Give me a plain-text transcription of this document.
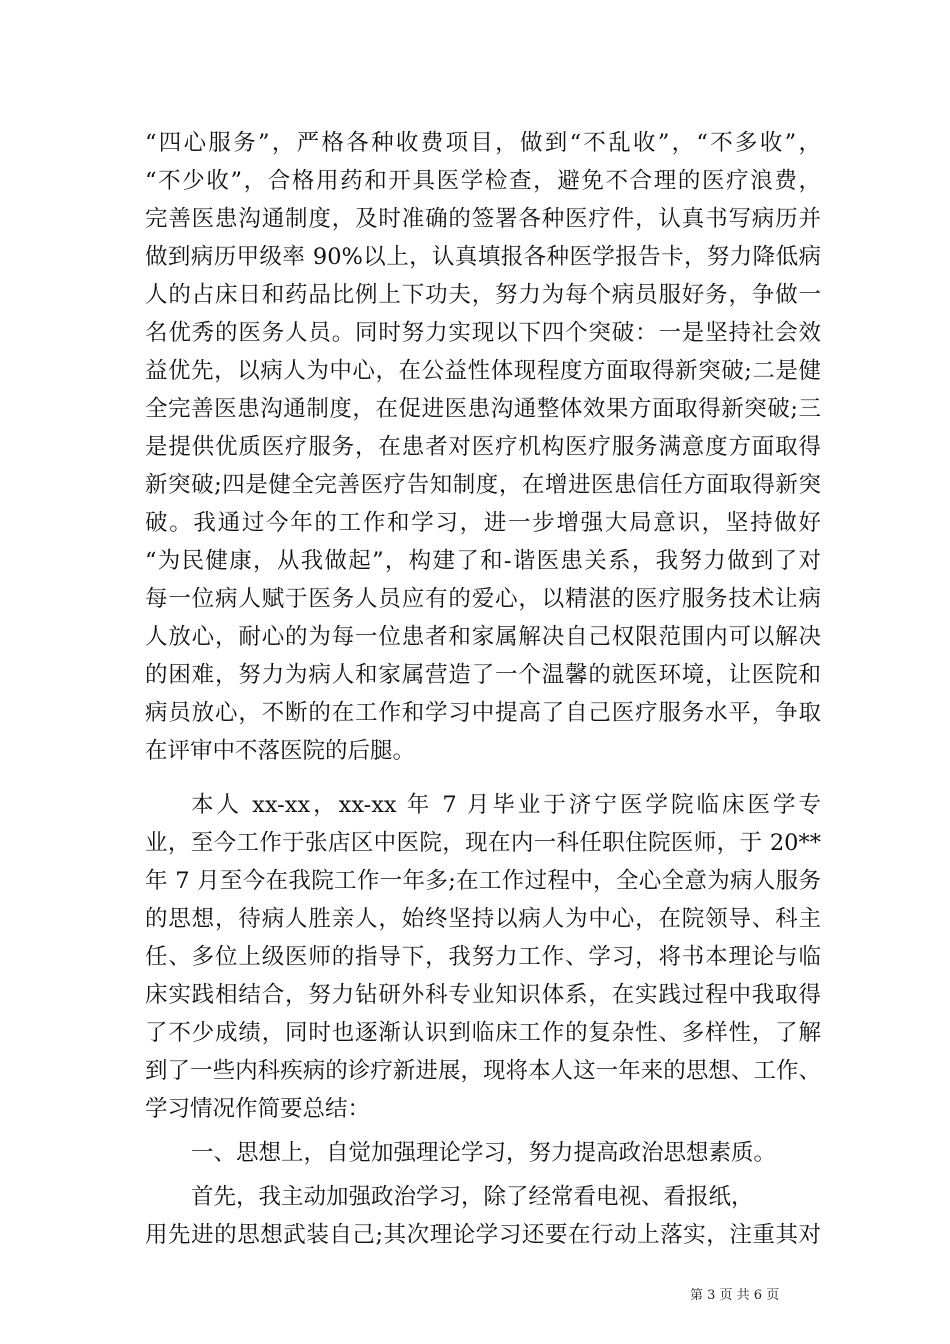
“四心服务”，严格各种收费项目，做到“不乱收”，“不多收”，
“不少收”，合格用药和开具医学检查，避免不合理的医疗浪费，
完善医患沟通制度，及时准确的签署各种医疗件，认真书写病历并
做到病历甲级率 90%以上，认真填报各种医学报告卡，努力降低病
人的占床日和药品比例上下功夫，努力为每个病员服好务，争做一
名优秀的医务人员。同时努力实现以下四个突破：一是坚持社会效
益优先，以病人为中心，在公益性体现程度方面取得新突破;二是健
全完善医患沟通制度，在促进医患沟通整体效果方面取得新突破;三
是提供优质医疗服务，在患者对医疗机构医疗服务满意度方面取得
新突破;四是健全完善医疗告知制度，在增进医患信任方面取得新突
破。我通过今年的工作和学习，进一步增强大局意识，坚持做好
“为民健康，从我做起”，构建了和-谐医患关系，我努力做到了对
每一位病人赋于医务人员应有的爱心，以精湛的医疗服务技术让病
人放心，耐心的为每一位患者和家属解决自己权限范围内可以解决
的困难，努力为病人和家属营造了一个温馨的就医环境，让医院和
病员放心，不断的在工作和学习中提高了自己医疗服务水平，争取
在评审中不落医院的后腿。
本人 xx-xx，xx-xx 年 7 月毕业于济宁医学院临床医学专
业，至今工作于张店区中医院，现在内一科任职住院医师，于 20**
年 7 月至今在我院工作一年多;在工作过程中，全心全意为病人服务
的思想，待病人胜亲人，始终坚持以病人为中心，在院领导、科主
任、多位上级医师的指导下，我努力工作、学习，将书本理论与临
床实践相结合，努力钻研外科专业知识体系，在实践过程中我取得
了不少成绩，同时也逐渐认识到临床工作的复杂性、多样性，了解
到了一些内科疾病的诊疗新进展，现将本人这一年来的思想、工作、
学习情况作简要总结：
一、思想上，自觉加强理论学习，努力提高政治思想素质。
首先，我主动加强政治学习，除了经常看电视、看报纸，
用先进的思想武装自己;其次理论学习还要在行动上落实，注重其对
第 3 页 共 6 页
